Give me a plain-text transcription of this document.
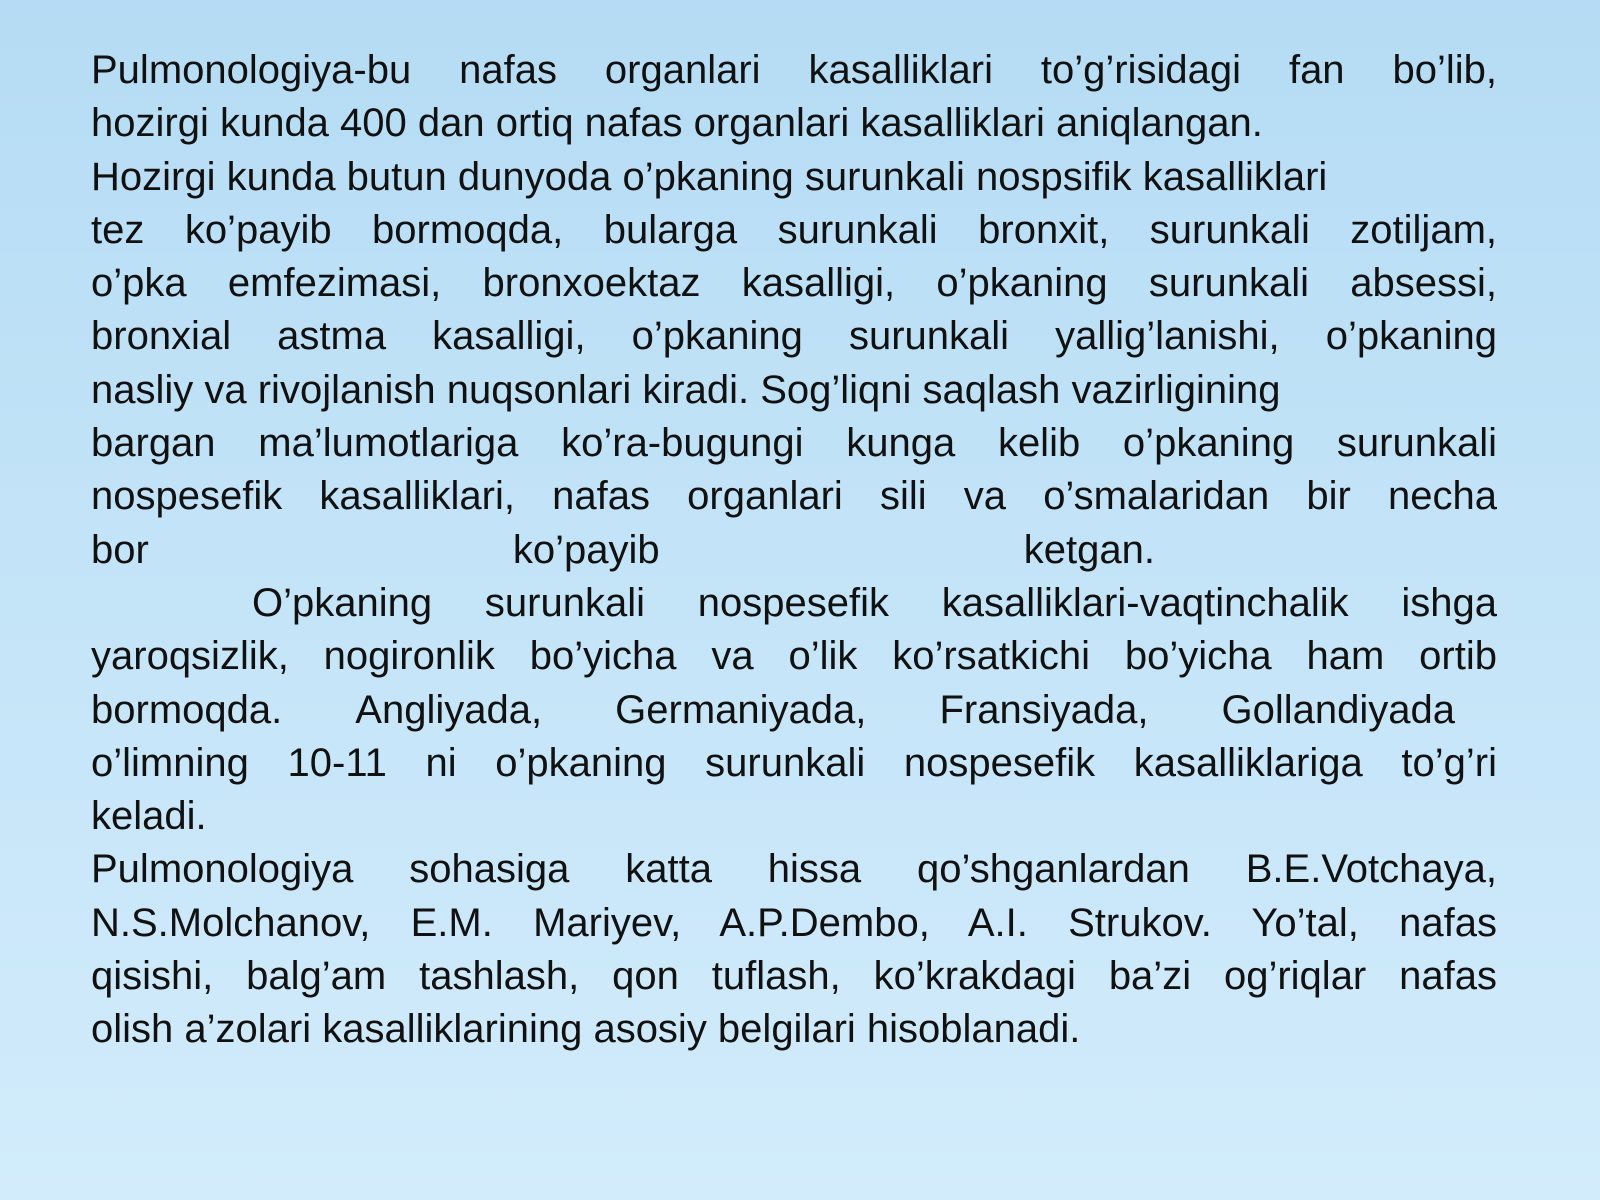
Pulmonologiya-bu nafas organlari kasalliklari to’g’risidagi fan bo’lib,
hozirgi kunda 400 dan ortiq nafas organlari kasalliklari aniqlangan.
Hozirgi kunda butun dunyoda o’pkaning surunkali nospsifik kasalliklari
tez ko’payib bormoqda, bularga surunkali bronxit, surunkali zotiljam,
o’pka emfezimasi, bronxoektaz kasalligi, o’pkaning surunkali absessi,
bronxial astma kasalligi, o’pkaning surunkali yallig’lanishi, o’pkaning
nasliy va rivojlanish nuqsonlari kiradi. Sog’liqni saqlash vazirligining
bargan ma’lumotlariga ko’ra-bugungi kunga kelib o’pkaning surunkali
nospesefik kasalliklari, nafas organlari sili va o’smalaridan bir necha
bor	ko’payib	ketgan.
O’pkaning surunkali nospesefik kasalliklari-vaqtinchalik ishga
yaroqsizlik, nogironlik bo’yicha va o’lik ko’rsatkichi bo’yicha ham ortib
bormoqda. Angliyada, Germaniyada, Fransiyada, Gollandiyada
o’limning 10-11 ni o’pkaning surunkali nospesefik kasalliklariga to’g’ri
keladi.
Pulmonologiya sohasiga katta hissa qo’shganlardan B.E.Votchaya,
N.S.Molchanov, E.M. Mariyev, A.P.Dembo, A.I. Strukov. Yo’tal, nafas
qisishi, balg’am tashlash, qon tuflash, ko’krakdagi ba’zi og’riqlar nafas
olish a’zolari kasalliklarining asosiy belgilari hisoblanadi.
